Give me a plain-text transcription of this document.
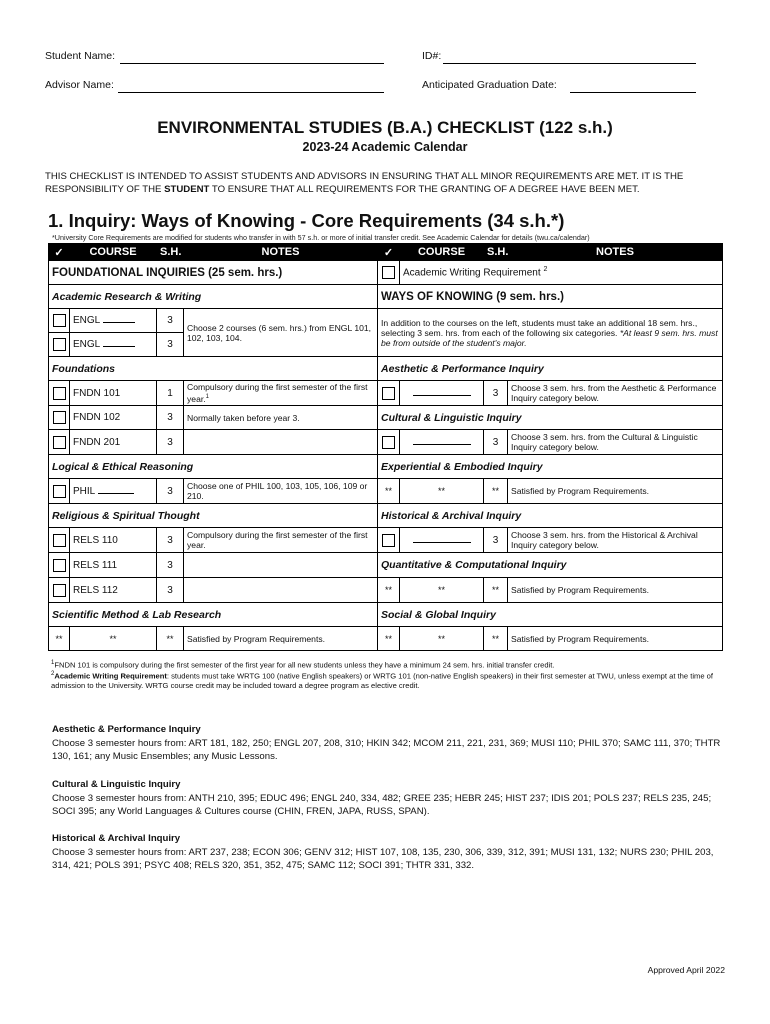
Student Name:	ID#:
Advisor Name:	Anticipated Graduation Date:
ENVIRONMENTAL STUDIES (B.A.) CHECKLIST (122 s.h.)
2023-24 Academic Calendar
THIS CHECKLIST IS INTENDED TO ASSIST STUDENTS AND ADVISORS IN ENSURING THAT ALL MINOR REQUIREMENTS ARE MET. IT IS THE RESPONSIBILITY OF THE STUDENT TO ENSURE THAT ALL REQUIREMENTS FOR THE GRANTING OF A DEGREE HAVE BEEN MET.
1. Inquiry: Ways of Knowing - Core Requirements (34 s.h.*)
*University Core Requirements are modified for students who transfer in with 57 s.h. or more of initial transfer credit. See Academic Calendar for details (twu.ca/calendar)
✓	COURSE	S.H.	NOTES	✓	COURSE	S.H.	NOTES
FOUNDATIONAL INQUIRIES (25 sem. hrs.)					Academic Writing Requirement $^2$
Academic Research & Writing				WAYS OF KNOWING (9 sem. hrs.)			
	ENGL	3	Choose 2 courses (6 sem. hrs.) from ENGL 101, 102, 103, 104.	In addition to the courses on the left, students must take an additional 18 sem. hrs., selecting 3 sem. hrs. from each of the following six categories. *At least 9 sem. hrs. must be from outside of the student's major.			
	ENGL	3					
Foundations				Aesthetic & Performance Inquiry			
	FNDN 101	1	Compulsory during the first semester of the first year.$^1$			3	Choose 3 sem. hrs. from the Aesthetic & Performance Inquiry category below.
	FNDN 102	3	Normally taken before year 3.	Cultural & Linguistic Inquiry			
	FNDN 201	3				3	Choose 3 sem. hrs. from the Cultural & Linguistic Inquiry category below.
Logical & Ethical Reasoning				Experiential & Embodied Inquiry			
	PHIL	3	Choose one of PHIL 100, 103, 105, 106, 109 or 210.	**	**	**	Satisfied by Program Requirements.
Religious & Spiritual Thought				Historical & Archival Inquiry			
	RELS 110	3	Compulsory during the first semester of the first year.			3	Choose 3 sem. hrs. from the Historical & Archival Inquiry category below.
	RELS 111	3		Quantitative & Computational Inquiry			
	RELS 112	3		**	**	**	Satisfied by Program Requirements.
Scientific Method & Lab Research				Social & Global Inquiry			
**	**	**	Satisfied by Program Requirements.	**	**	**	Satisfied by Program Requirements.
$^1$FNDN 101 is compulsory during the first semester of the first year for all new students unless they have a minimum 24 sem. hrs. initial transfer credit.
$^2$Academic Writing Requirement: students must take WRTG 100 (native English speakers) or WRTG 101 (non-native English speakers) in their first semester at TWU, unless exempt at the time of admission to the University. WRTG course credit may be included toward a degree program as elective credit.
Aesthetic & Performance Inquiry
Choose 3 semester hours from: ART 181, 182, 250; ENGL 207, 208, 310; HKIN 342; MCOM 211, 221, 231, 369; MUSI 110; PHIL 370; SAMC 111, 370; THTR 130, 161; any Music Ensembles; any Music Lessons.
Cultural & Linguistic Inquiry
Choose 3 semester hours from: ANTH 210, 395; EDUC 496; ENGL 240, 334, 482; GREE 235; HEBR 245; HIST 237; IDIS 201; POLS 237; RELS 235, 245; SOCI 395; any World Languages & Cultures course (CHIN, FREN, JAPA, RUSS, SPAN).
Historical & Archival Inquiry
Choose 3 semester hours from: ART 237, 238; ECON 306; GENV 312; HIST 107, 108, 135, 230, 306, 339, 312, 391; MUSI 131, 132; NURS 230; PHIL 203, 314, 421; POLS 391; PSYC 408; RELS 320, 351, 352, 475; SAMC 112; SOCI 391; THTR 331, 332.
Approved April 2022
